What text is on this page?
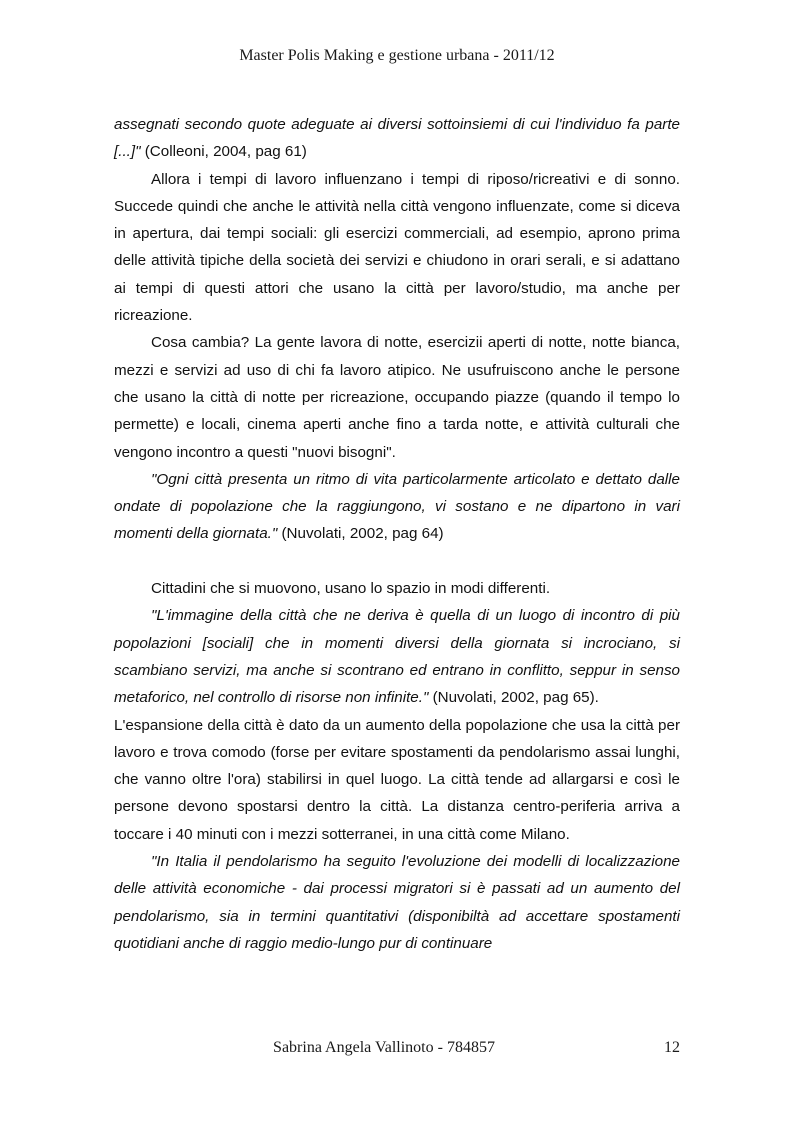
Master Polis Making e gestione urbana - 2011/12

assegnati secondo quote adeguate ai diversi sottoinsiemi di cui l'individuo fa parte [...]" (Colleoni, 2004, pag 61)

Allora i tempi di lavoro influenzano i tempi di riposo/ricreativi e di sonno. Succede quindi che anche le attività nella città vengono influenzate, come si diceva in apertura, dai tempi sociali: gli esercizi commerciali, ad esempio, aprono prima delle attività tipiche della società dei servizi e chiudono in orari serali, e si adattano ai tempi di questi attori che usano la città per lavoro/studio, ma anche per ricreazione.

Cosa cambia? La gente lavora di notte, esercizii aperti di notte, notte bianca, mezzi e servizi ad uso di chi fa lavoro atipico. Ne usufruiscono anche le persone che usano la città di notte per ricreazione, occupando piazze (quando il tempo lo permette) e locali, cinema aperti anche fino a tarda notte, e attività culturali che vengono incontro a questi "nuovi bisogni".

"Ogni città presenta un ritmo di vita particolarmente articolato e dettato dalle ondate di popolazione che la raggiungono, vi sostano e ne dipartono in vari momenti della giornata." (Nuvolati, 2002, pag 64)

Cittadini che si muovono, usano lo spazio in modi differenti.

"L'immagine della città che ne deriva è quella di un luogo di incontro di più popolazioni [sociali] che in momenti diversi della giornata si incrociano, si scambiano servizi, ma anche si scontrano ed entrano in conflitto, seppur in senso metaforico, nel controllo di risorse non infinite." (Nuvolati, 2002, pag 65).

L'espansione della città è dato da un aumento della popolazione che usa la città per lavoro e trova comodo (forse per evitare spostamenti da pendolarismo assai lunghi, che vanno oltre l'ora) stabilirsi in quel luogo. La città tende ad allargarsi e così le persone devono spostarsi dentro la città. La distanza centro-periferia arriva a toccare i 40 minuti con i mezzi sotterranei, in una città come Milano.

"In Italia il pendolarismo ha seguito l'evoluzione dei modelli di localizzazione delle attività economiche - dai processi migratori si è passati ad un aumento del pendolarismo, sia in termini quantitativi (disponibiltà ad accettare spostamenti quotidiani anche di raggio medio-lungo pur di continuare

Sabrina Angela Vallinoto - 784857	12
